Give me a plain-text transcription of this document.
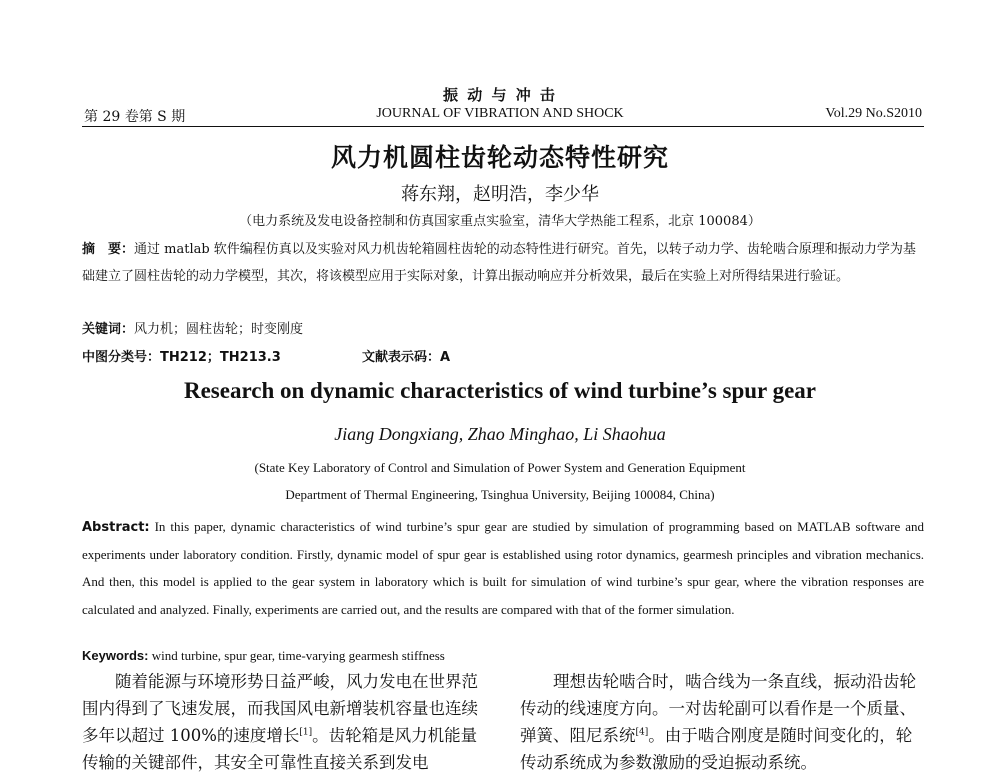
振 动 与 冲 击
第 29 卷第 S 期	JOURNAL OF VIBRATION AND SHOCK	Vol.29 No.S2010
风力机圆柱齿轮动态特性研究
蒋东翔，赵明浩，李少华
（电力系统及发电设备控制和仿真国家重点实验室，清华大学热能工程系，北京 100084）
摘　要：通过 matlab 软件编程仿真以及实验对风力机齿轮箱圆柱齿轮的动态特性进行研究。首先，以转子动力学、齿轮啮合原理和振动力学为基础建立了圆柱齿轮的动力学模型，其次，将该模型应用于实际对象，计算出振动响应并分析效果，最后在实验上对所得结果进行验证。
关键词：风力机；圆柱齿轮；时变刚度
中图分类号：TH212；TH213.3	文献表示码：A
Research on dynamic characteristics of wind turbine’s spur gear
Jiang Dongxiang, Zhao Minghao, Li Shaohua
(State Key Laboratory of Control and Simulation of Power System and Generation Equipment
Department of Thermal Engineering, Tsinghua University, Beijing 100084, China)
Abstract: In this paper, dynamic characteristics of wind turbine’s spur gear are studied by simulation of programming based on MATLAB software and experiments under laboratory condition. Firstly, dynamic model of spur gear is established using rotor dynamics, gearmesh principles and vibration mechanics. And then, this model is applied to the gear system in laboratory which is built for simulation of wind turbine’s spur gear, where the vibration responses are calculated and analyzed. Finally, experiments are carried out, and the results are compared with that of the former simulation.
Keywords: wind turbine, spur gear, time-varying gearmesh stiffness

随着能源与环境形势日益严峻，风力发电在世界范围内得到了飞速发展，而我国风电新增装机容量也连续多年以超过 100%的速度增长[1]。齿轮箱是风力机能量传输的关键部件，其安全可靠性直接关系到发电

理想齿轮啮合时，啮合线为一条直线，振动沿齿轮传动的线速度方向。一对齿轮副可以看作是一个质量、弹簧、阻尼系统[4]。由于啮合刚度是随时间变化的，轮传动系统成为参数激励的受迫振动系统。
